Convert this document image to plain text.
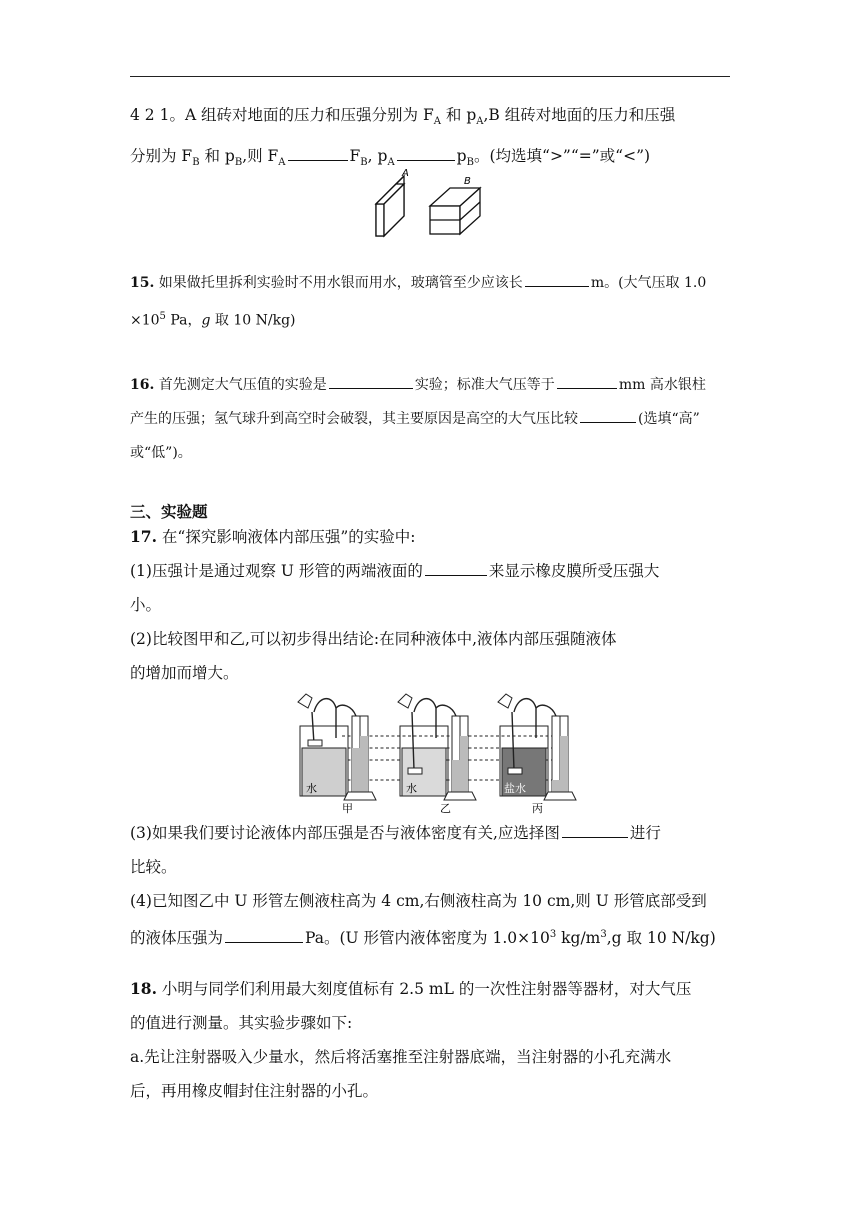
4 2 1。A 组砖对地面的压力和压强分别为 $F_A$ 和 $p_A,B$ 组砖对地面的压力和压强
分别为 $F_B$ 和 $p_B$,则 $F_A$	$F_B$, $p_A$	$p_B$。(均选填“>”“=”或“<”)
A
B
15. 如果做托里拆利实验时不用水银而用水，玻璃管至少应该长	m。(大气压取 1.0
$\times 10^5$ Pa，g 取 10 N/kg)
16. 首先测定大气压值的实验是	实验；标准大气压等于	mm 高水银柱
产生的压强；氢气球升到高空时会破裂，其主要原因是高空的大气压比较	(选填“高”
或“低”)。
三、实验题
17. 在“探究影响液体内部压强”的实验中:
(1)压强计是通过观察 U 形管的两端液面的	来显示橡皮膜所受压强大
小。
(2)比较图甲和乙,可以初步得出结论:在同种液体中,液体内部压强随液体
的增加而增大。
水	水	盐水
甲	乙	丙
(3)如果我们要讨论液体内部压强是否与液体密度有关,应选择图	进行
比较。
(4)已知图乙中 U 形管左侧液柱高为 4 cm,右侧液柱高为 10 cm,则 U 形管底部受到
的液体压强为	Pa。(U 形管内液体密度为 $1.0\times 10^3$ $kg/m^3,g$ 取 10 N/kg)
18. 小明与同学们利用最大刻度值标有 2.5 mL 的一次性注射器等器材，对大气压
的值进行测量。其实验步骤如下:
a.先让注射器吸入少量水，然后将活塞推至注射器底端，当注射器的小孔充满水
后，再用橡皮帽封住注射器的小孔。
